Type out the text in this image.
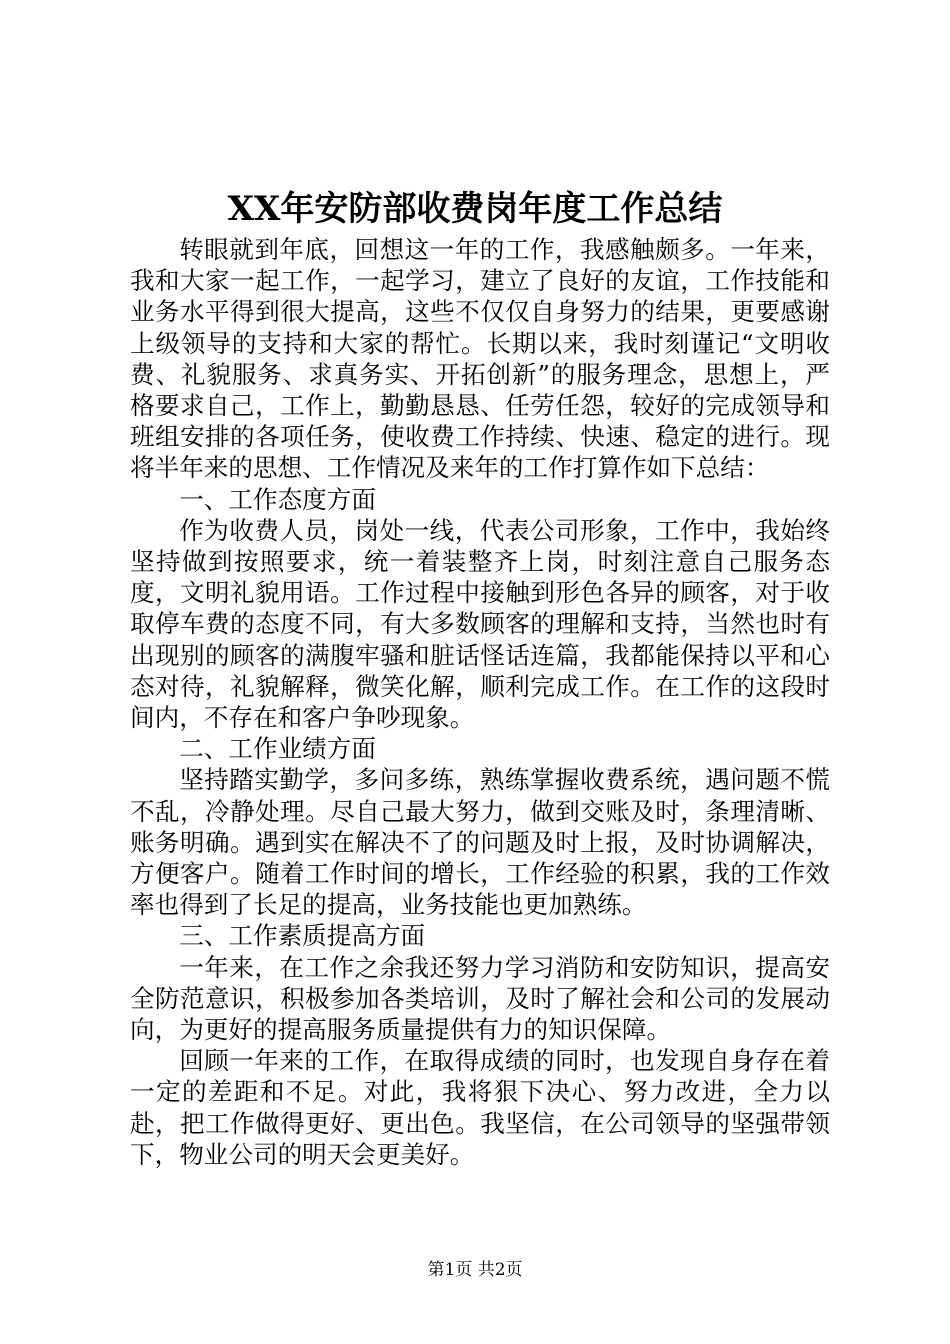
XX年安防部收费岗年度工作总结

转眼就到年底，回想这一年的工作，我感触颇多。一年来，我和大家一起工作，一起学习，建立了良好的友谊，工作技能和业务水平得到很大提高，这些不仅仅自身努力的结果，更要感谢上级领导的支持和大家的帮忙。长期以来，我时刻谨记“文明收费、礼貌服务、求真务实、开拓创新”的服务理念，思想上，严格要求自己，工作上，勤勤恳恳、任劳任怨，较好的完成领导和班组安排的各项任务，使收费工作持续、快速、稳定的进行。现将半年来的思想、工作情况及来年的工作打算作如下总结：

一、工作态度方面

作为收费人员，岗处一线，代表公司形象，工作中，我始终坚持做到按照要求，统一着装整齐上岗，时刻注意自己服务态度，文明礼貌用语。工作过程中接触到形色各异的顾客，对于收取停车费的态度不同，有大多数顾客的理解和支持，当然也时有出现别的顾客的满腹牢骚和脏话怪话连篇，我都能保持以平和心态对待，礼貌解释，微笑化解，顺利完成工作。在工作的这段时间内，不存在和客户争吵现象。

二、工作业绩方面

坚持踏实勤学，多问多练，熟练掌握收费系统，遇问题不慌不乱，冷静处理。尽自己最大努力，做到交账及时，条理清晰、账务明确。遇到实在解决不了的问题及时上报，及时协调解决，方便客户。随着工作时间的增长，工作经验的积累，我的工作效率也得到了长足的提高，业务技能也更加熟练。

三、工作素质提高方面

一年来，在工作之余我还努力学习消防和安防知识，提高安全防范意识，积极参加各类培训，及时了解社会和公司的发展动向，为更好的提高服务质量提供有力的知识保障。

回顾一年来的工作，在取得成绩的同时，也发现自身存在着一定的差距和不足。对此，我将狠下决心、努力改进，全力以赴，把工作做得更好、更出色。我坚信，在公司领导的坚强带领下，物业公司的明天会更美好。

第1页 共2页
